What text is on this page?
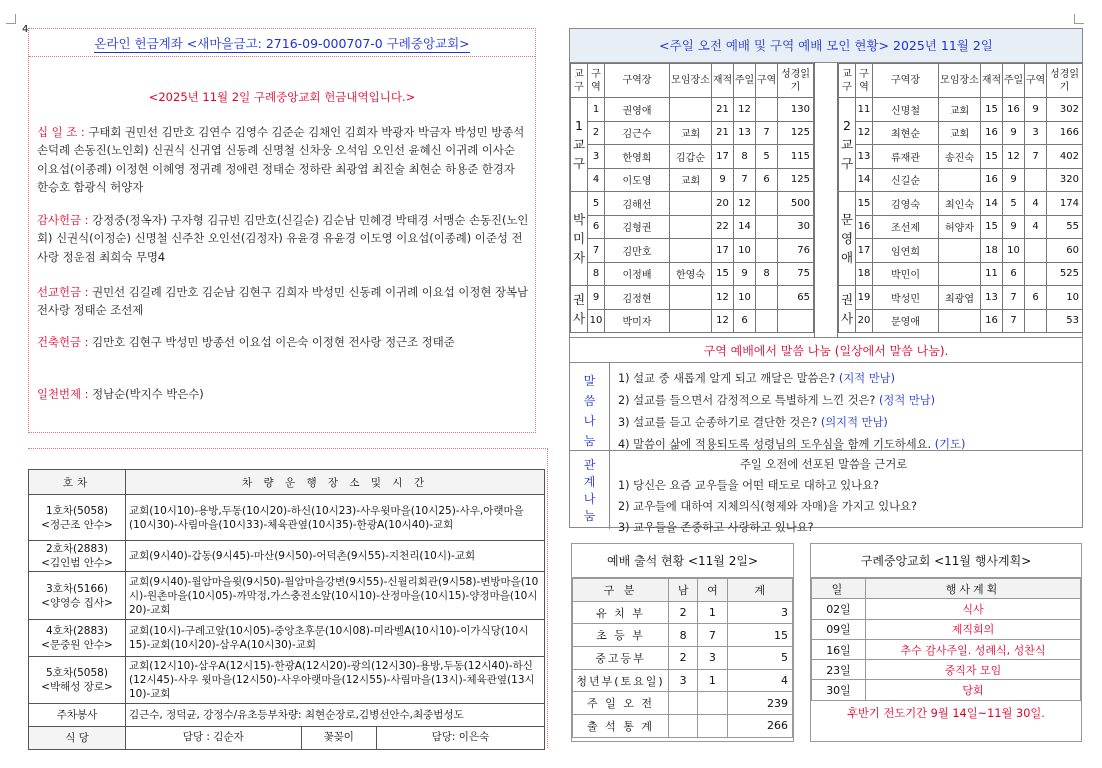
4
온라인 헌금계좌 <새마을금고: 2716-09-000707-0 구례중앙교회>
<2025년 11월 2일 구례중앙교회 헌금내역입니다.>
십 일 조 : 구태회 권민선 김만호 김연수 김영수 김준순 김채인 김희자 박광자 박금자 박성민 방종석 손덕례 손동진(노인회) 신권식 신귀엽 신동례 신명철 신차웅 오석임 오인선 윤혜신 이귀례 이사순 이요섭(이종례) 이정현 이혜영 정귀례 정애련 정태순 정하란 최광엽 최진술 최현순 하용준 한경자 한승호 함광식 허양자
감사헌금 : 강정중(정옥자) 구자형 김규빈 김만호(신길순) 김순남 민혜경 박태경 서맹순 손동진(노인회) 신권식(이정순) 신명철 신주찬 오인선(김정자) 유윤경 유윤경 이도영 이요섭(이종례) 이준성 전사랑 정운점 최희숙 무명4
선교헌금 : 권민선 김길례 김만호 김순남 김현구 김희자 박성민 신동례 이귀례 이요섭 이정현 장복남 전사랑 정태순 조선제
건축헌금 : 김만호 김현구 박성민 방종선 이요섭 이은숙 이정현 전사랑 정근조 정태준
일천번제 : 정남순(박지수 박은수)
호차	차 량 운 행 장 소 및 시 간

1호차(5058)
<정근조 안수>	교회(10시10)-용방,두동(10시20)-하신(10시23)-사우윗마을(10시25)-사우,아랫마을(10시30)-사림마을(10시33)-체육관옆(10시35)-한광A(10시40)-교회

2호차(2883)
<김인범 안수>	교회(9시40)-갑동(9시45)-마산(9시50)-어덕촌(9시55)-지천리(10시)-교회

3호차(5166)
<양영승 집사>	교회(9시40)-월암마을윗(9시50)-월암마을강변(9시55)-신월리회관(9시58)-변방마을(10시)-원촌마을(10시05)-까막정,가스충전소앞(10시10)-산정마을(10시15)-양정마을(10시20)-교회

4호차(2883)
<문중원 안수>	교회(10시)-구례고앞(10시05)-중앙초후문(10시08)-미라벨A(10시10)-이가식당(10시15)-교회(10시20)-삼우A(10시30)-교회

5호차(5058)
<박해성 장로>	교회(12시10)-삼우A(12시15)-한광A(12시20)-광의(12시30)-용방,두동(12시40)-하신(12시45)-사우 윗마을(12시50)-사우아랫마을(12시55)-사림마을(13시)-체육관옆(13시10)-교회
주차봉사	김근수, 정덕균, 강정수/유초등부차량: 최현순장로,김병선안수,최중범성도
식 당	담당 : 김순자 꽃꽂이 담당: 이은숙
<주일 오전 예배 및 구역 예배 모인 현황> 2025년 11월 2일
교구	구역	구역장	모임장소	재적	주일	구역	성경읽기

1
교
구	1	권영애		21	12		130
	2	김근수	교회	21	13	7	125
	3	한영희	김갑순	17	8	5	115
	4	이도영	교회	9	7	6	125

박
미
자	5	김해선		20	12		500
	6	김형권		22	14		30
	7	김만호		17	10		76
	8	이정배	한영숙	15	9	8	75

권
사	9	김정현		12	10		65
	10	박미자		12	6		
교구	구역	구역장	모임장소	재적	주일	구역	성경읽기

2
교
구	11	신명철	교회	15	16	9	302
	12	최현순	교회	16	9	3	166
	13	류재관	송진숙	15	12	7	402
	14	신길순		16	9		320

문
영
애	15	김영숙	최인숙	14	5	4	174
	16	조선제	허양자	15	9	4	55
	17	임연희		18	10		60
	18	박민이		11	6		525

권
사	19	박성민	최광엽	13	7	6	10
	20	문영애		16	7		53
구역 예배에서 말씀 나눔 (일상에서 말씀 나눔).
말
씀
나
눔
1) 설교 중 새롭게 알게 되고 깨달은 말씀은? (지적 만남)
2) 설교를 들으면서 감정적으로 특별하게 느낀 것은? (정적 만남)
3) 설교를 듣고 순종하기로 결단한 것은? (의지적 만남)
4) 말씀이 삶에 적용되도록 성령님의 도우심을 함께 기도하세요. (기도)
관
계
나
눔
주일 오전에 선포된 말씀을 근거로
1) 당신은 요즘 교우들을 어떤 태도로 대하고 있나요?
2) 교우들에 대하여 지체의식(형제와 자매)을 가지고 있나요?
3) 교우들을 존중하고 사랑하고 있나요?
예배 출석 현황 <11월 2일>
구 분	남	여	계
유 치 부	2	1	3
초 등 부	8	7	15
중고등부	2	3	5
청년부(토요일)	3	1	4
주 일 오 전			239
출 석 통 계			266
구례중앙교회 <11월 행사계획>
일	행사계획
02일	식사
09일	제직회의
16일	추수 감사주일. 성례식, 성찬식
23일	중직자 모임
30일	당회
후반기 전도기간 9월 14일~11월 30일.
